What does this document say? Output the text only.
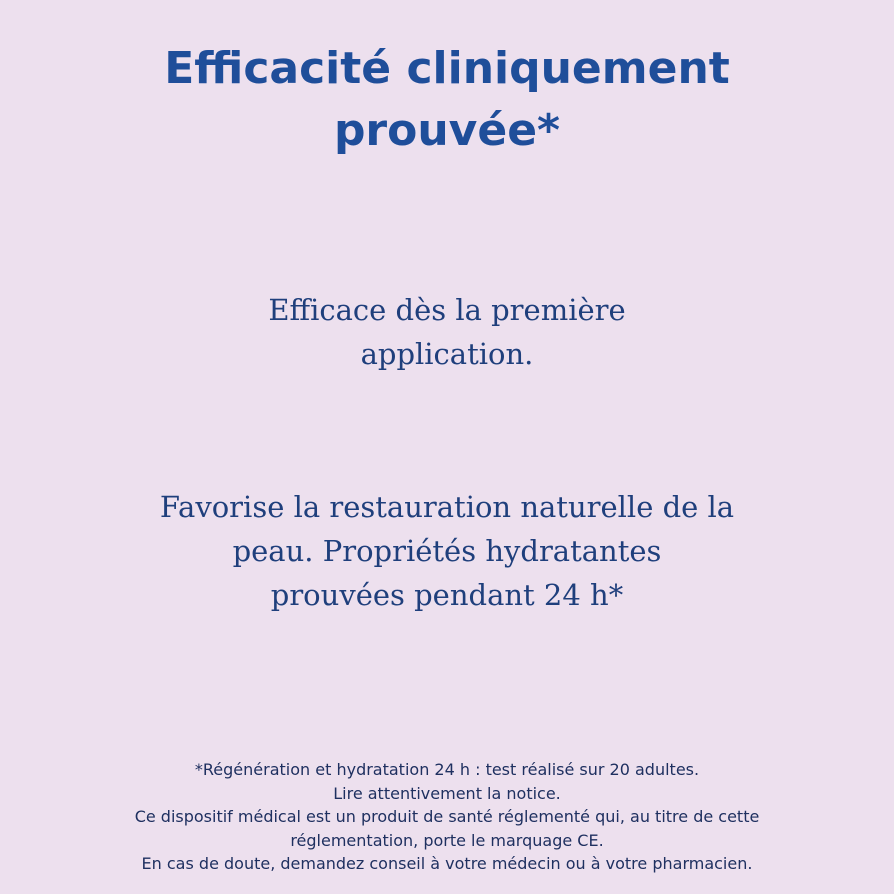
Efficacité cliniquement
prouvée*
Efficace dès la première
application.
Favorise la restauration naturelle de la
peau. Propriétés hydratantes
prouvées pendant 24 h*
*Régénération et hydratation 24 h : test réalisé sur 20 adultes.
Lire attentivement la notice.
Ce dispositif médical est un produit de santé réglementé qui, au titre de cette
réglementation, porte le marquage CE.
En cas de doute, demandez conseil à votre médecin ou à votre pharmacien.
